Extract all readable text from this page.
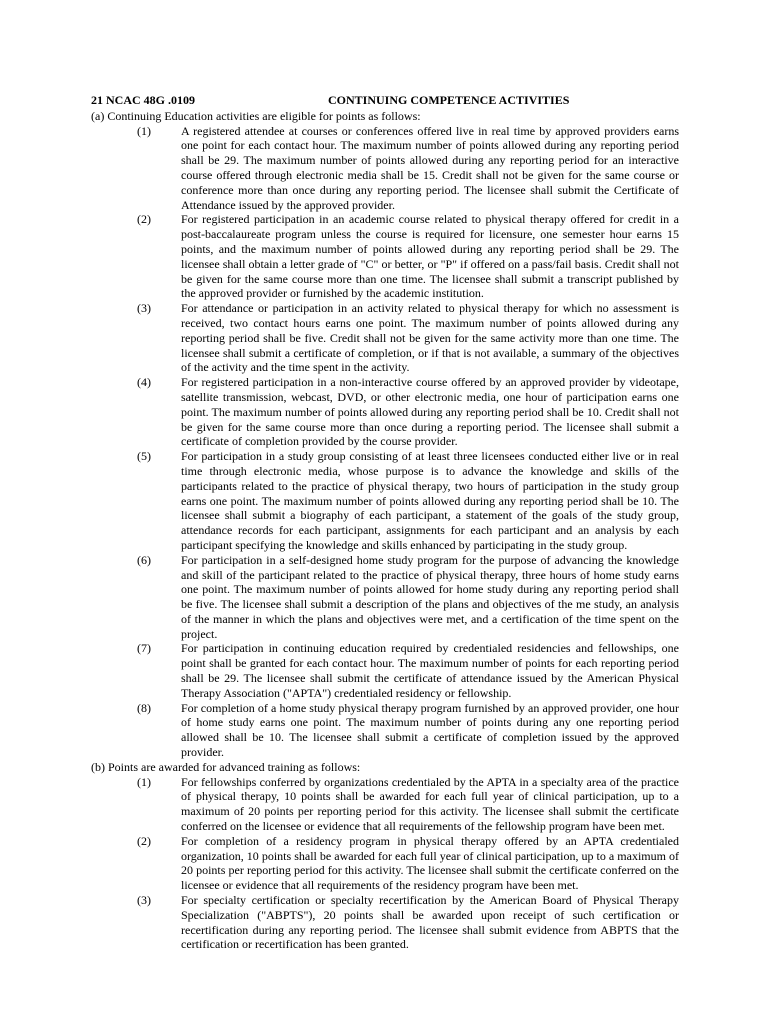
21 NCAC 48G .0109	CONTINUING COMPETENCE ACTIVITIES

(a) Continuing Education activities are eligible for points as follows:

(1)	A registered attendee at courses or conferences offered live in real time by approved providers earns one point for each contact hour. The maximum number of points allowed during any reporting period shall be 29. The maximum number of points allowed during any reporting period for an interactive course offered through electronic media shall be 15. Credit shall not be given for the same course or conference more than once during any reporting period. The licensee shall submit the Certificate of Attendance issued by the approved provider.
(2)	For registered participation in an academic course related to physical therapy offered for credit in a post-baccalaureate program unless the course is required for licensure, one semester hour earns 15 points, and the maximum number of points allowed during any reporting period shall be 29. The licensee shall obtain a letter grade of "C" or better, or "P" if offered on a pass/fail basis. Credit shall not be given for the same course more than one time. The licensee shall submit a transcript published by the approved provider or furnished by the academic institution.
(3)	For attendance or participation in an activity related to physical therapy for which no assessment is received, two contact hours earns one point. The maximum number of points allowed during any reporting period shall be five. Credit shall not be given for the same activity more than one time. The licensee shall submit a certificate of completion, or if that is not available, a summary of the objectives of the activity and the time spent in the activity.
(4)	For registered participation in a non-interactive course offered by an approved provider by videotape, satellite transmission, webcast, DVD, or other electronic media, one hour of participation earns one point. The maximum number of points allowed during any reporting period shall be 10. Credit shall not be given for the same course more than once during a reporting period. The licensee shall submit a certificate of completion provided by the course provider.
(5)	For participation in a study group consisting of at least three licensees conducted either live or in real time through electronic media, whose purpose is to advance the knowledge and skills of the participants related to the practice of physical therapy, two hours of participation in the study group earns one point. The maximum number of points allowed during any reporting period shall be 10. The licensee shall submit a biography of each participant, a statement of the goals of the study group, attendance records for each participant, assignments for each participant and an analysis by each participant specifying the knowledge and skills enhanced by participating in the study group.
(6)	For participation in a self-designed home study program for the purpose of advancing the knowledge and skill of the participant related to the practice of physical therapy, three hours of home study earns one point. The maximum number of points allowed for home study during any reporting period shall be five. The licensee shall submit a description of the plans and objectives of the me study, an analysis of the manner in which the plans and objectives were met, and a certification of the time spent on the project.
(7)	For participation in continuing education required by credentialed residencies and fellowships, one point shall be granted for each contact hour. The maximum number of points for each reporting period shall be 29. The licensee shall submit the certificate of attendance issued by the American Physical Therapy Association ("APTA") credentialed residency or fellowship.
(8)	For completion of a home study physical therapy program furnished by an approved provider, one hour of home study earns one point. The maximum number of points during any one reporting period allowed shall be 10. The licensee shall submit a certificate of completion issued by the approved provider.

(b) Points are awarded for advanced training as follows:

(1)	For fellowships conferred by organizations credentialed by the APTA in a specialty area of the practice of physical therapy, 10 points shall be awarded for each full year of clinical participation, up to a maximum of 20 points per reporting period for this activity. The licensee shall submit the certificate conferred on the licensee or evidence that all requirements of the fellowship program have been met.
(2)	For completion of a residency program in physical therapy offered by an APTA credentialed organization, 10 points shall be awarded for each full year of clinical participation, up to a maximum of 20 points per reporting period for this activity. The licensee shall submit the certificate conferred on the licensee or evidence that all requirements of the residency program have been met.
(3)	For specialty certification or specialty recertification by the American Board of Physical Therapy Specialization ("ABPTS"), 20 points shall be awarded upon receipt of such certification or recertification during any reporting period. The licensee shall submit evidence from ABPTS that the certification or recertification has been granted.
